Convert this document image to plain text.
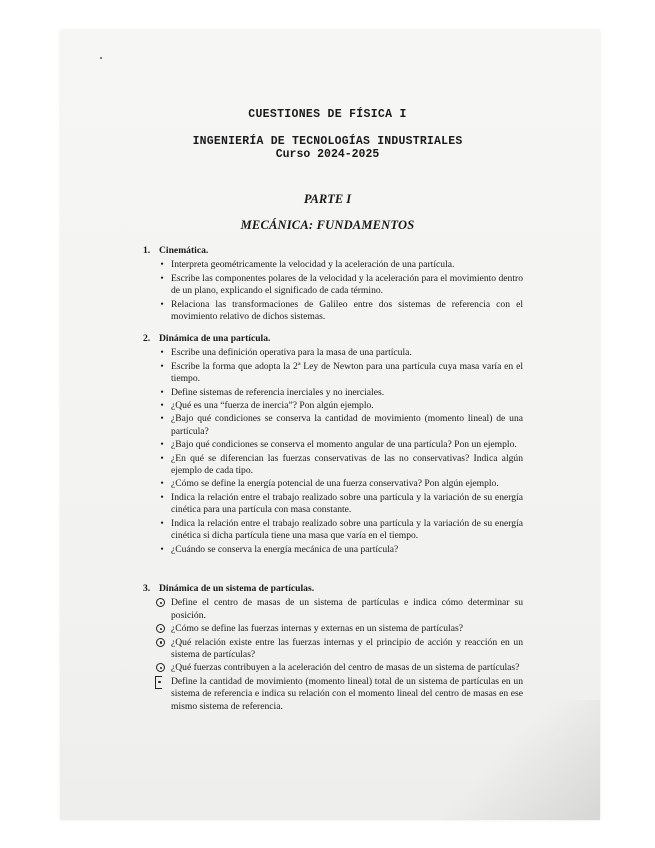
CUESTIONES DE FÍSICA I
INGENIERÍA DE TECNOLOGÍAS INDUSTRIALES
Curso 2024-2025
PARTE I
MECÁNICA: FUNDAMENTOS
1. Cinemática.
• Interpreta geométricamente la velocidad y la aceleración de una partícula.
• Escribe las componentes polares de la velocidad y la aceleración para el movimiento dentro de un plano, explicando el significado de cada término.
• Relaciona las transformaciones de Galileo entre dos sistemas de referencia con el movimiento relativo de dichos sistemas.
2. Dinámica de una partícula.
• Escribe una definición operativa para la masa de una partícula.
• Escribe la forma que adopta la 2ª Ley de Newton para una partícula cuya masa varía en el tiempo.
• Define sistemas de referencia inerciales y no inerciales.
• ¿Qué es una “fuerza de inercia”? Pon algún ejemplo.
• ¿Bajo qué condiciones se conserva la cantidad de movimiento (momento lineal) de una partícula?
• ¿Bajo qué condiciones se conserva el momento angular de una partícula? Pon un ejemplo.
• ¿En qué se diferencian las fuerzas conservativas de las no conservativas? Indica algún ejemplo de cada tipo.
• ¿Cómo se define la energía potencial de una fuerza conservativa? Pon algún ejemplo.
• Indica la relación entre el trabajo realizado sobre una partícula y la variación de su energía cinética para una partícula con masa constante.
• Indica la relación entre el trabajo realizado sobre una partícula y la variación de su energía cinética si dicha partícula tiene una masa que varía en el tiempo.
• ¿Cuándo se conserva la energía mecánica de una partícula?
3. Dinámica de un sistema de partículas.
Define el centro de masas de un sistema de partículas e indica cómo determinar su posición.
¿Cómo se define las fuerzas internas y externas en un sistema de partículas?
¿Qué relación existe entre las fuerzas internas y el principio de acción y reacción en un sistema de partículas?
¿Qué fuerzas contribuyen a la aceleración del centro de masas de un sistema de partículas?
Define la cantidad de movimiento (momento lineal) total de un sistema de partículas en un sistema de referencia e indica su relación con el momento lineal del centro de masas en ese mismo sistema de referencia.
